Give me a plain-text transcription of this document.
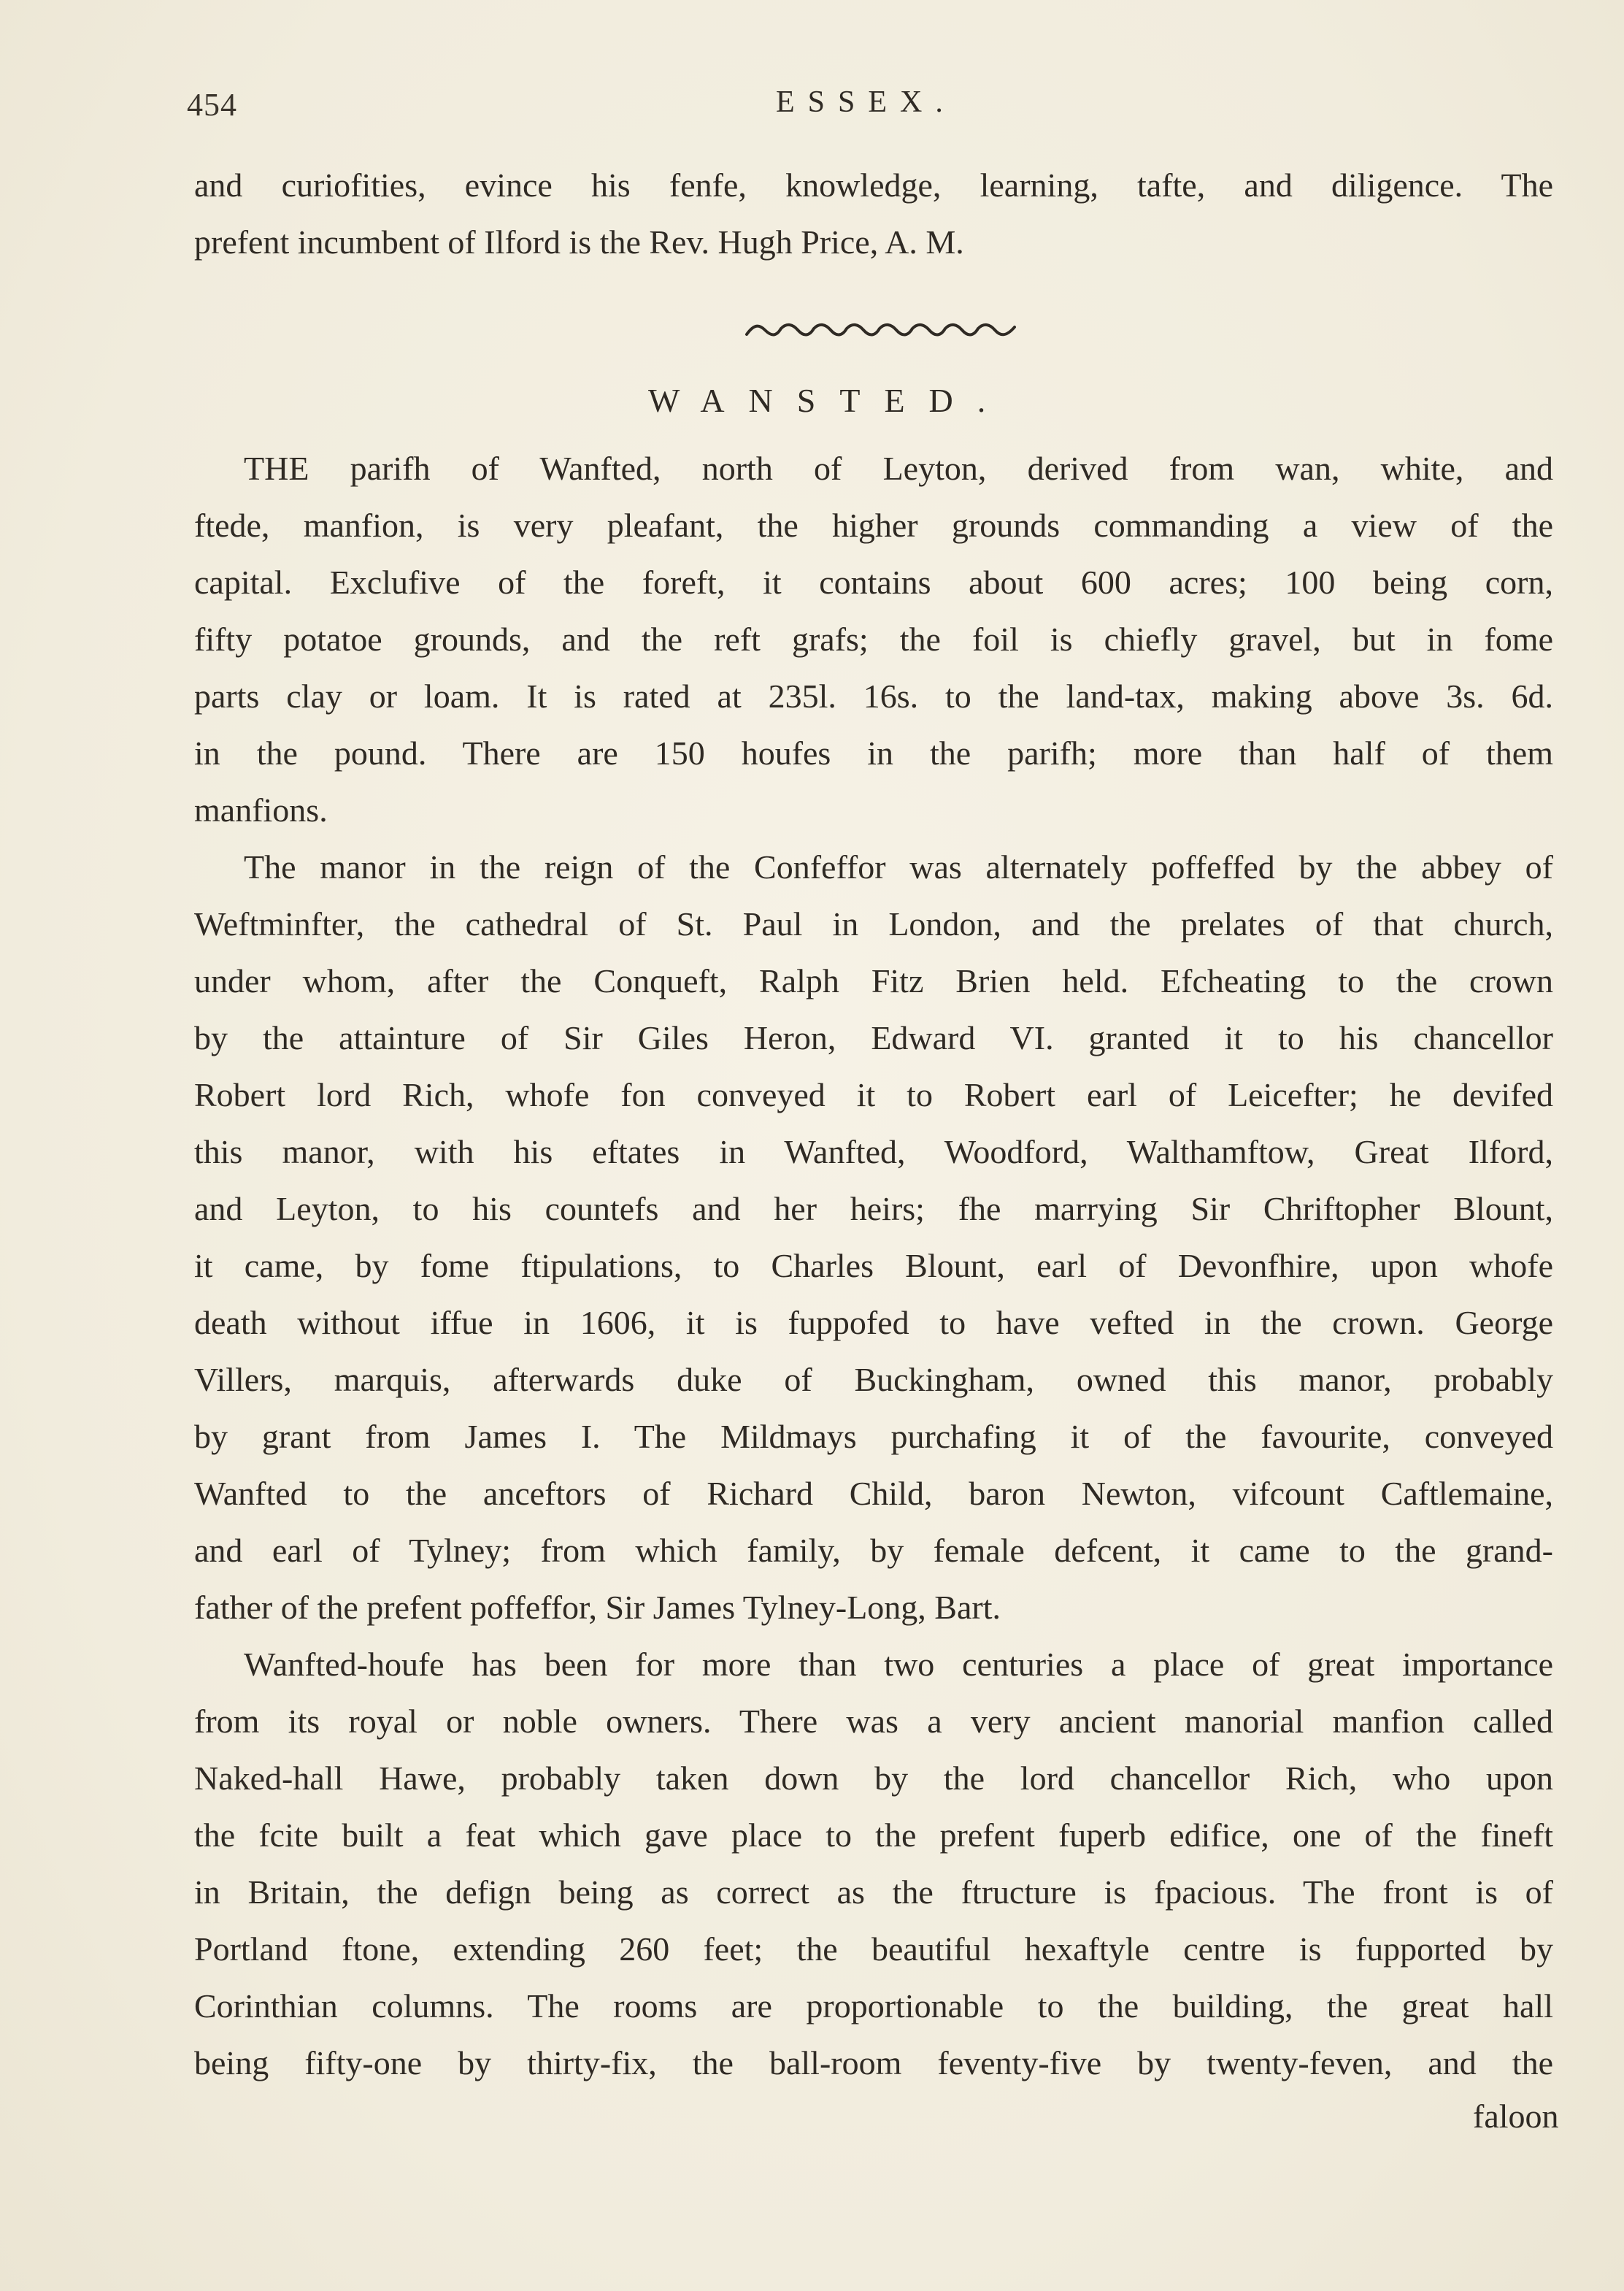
454	ESSEX.
and curiofities, evince his fenfe, knowledge, learning, tafte, and diligence. The
prefent incumbent of Ilford is the Rev. Hugh Price, A. M.
WANSTED.
THE parifh of Wanfted, north of Leyton, derived from wan, white, and
ftede, manfion, is very pleafant, the higher grounds commanding a view of the
capital. Exclufive of the foreft, it contains about 600 acres; 100 being corn,
fifty potatoe grounds, and the reft grafs; the foil is chiefly gravel, but in fome
parts clay or loam. It is rated at 235l. 16s. to the land-tax, making above 3s. 6d.
in the pound. There are 150 houfes in the parifh; more than half of them
manfions.
The manor in the reign of the Confeffor was alternately poffeffed by the abbey of
Weftminfter, the cathedral of St. Paul in London, and the prelates of that church,
under whom, after the Conqueft, Ralph Fitz Brien held. Efcheating to the crown
by the attainture of Sir Giles Heron, Edward VI. granted it to his chancellor
Robert lord Rich, whofe fon conveyed it to Robert earl of Leicefter; he devifed
this manor, with his eftates in Wanfted, Woodford, Walthamftow, Great Ilford,
and Leyton, to his countefs and her heirs; fhe marrying Sir Chriftopher Blount,
it came, by fome ftipulations, to Charles Blount, earl of Devonfhire, upon whofe
death without iffue in 1606, it is fuppofed to have vefted in the crown. George
Villers, marquis, afterwards duke of Buckingham, owned this manor, probably
by grant from James I. The Mildmays purchafing it of the favourite, conveyed
Wanfted to the anceftors of Richard Child, baron Newton, vifcount Caftlemaine,
and earl of Tylney; from which family, by female defcent, it came to the grand-
father of the prefent poffeffor, Sir James Tylney-Long, Bart.
Wanfted-houfe has been for more than two centuries a place of great importance
from its royal or noble owners. There was a very ancient manorial manfion called
Naked-hall Hawe, probably taken down by the lord chancellor Rich, who upon
the fcite built a feat which gave place to the prefent fuperb edifice, one of the fineft
in Britain, the defign being as correct as the ftructure is fpacious. The front is of
Portland ftone, extending 260 feet; the beautiful hexaftyle centre is fupported by
Corinthian columns. The rooms are proportionable to the building, the great hall
being fifty-one by thirty-fix, the ball-room feventy-five by twenty-feven, and the
faloon
